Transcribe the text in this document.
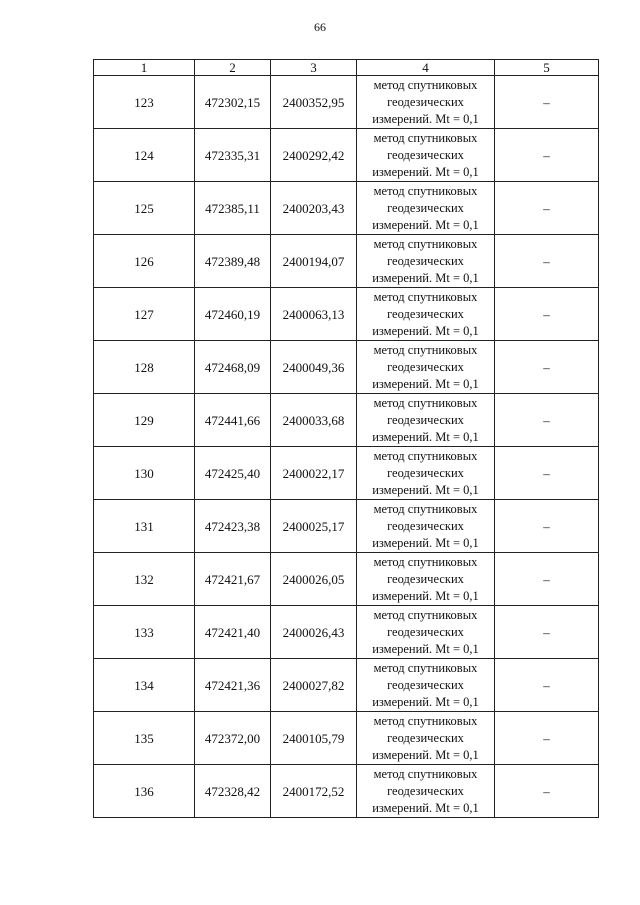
66
1	2	3	4	5
123	472302,15	2400352,95	метод спутниковых
геодезических
измерений. Mt = 0,1	–
124	472335,31	2400292,42	метод спутниковых
геодезических
измерений. Mt = 0,1	–
125	472385,11	2400203,43	метод спутниковых
геодезических
измерений. Mt = 0,1	–
126	472389,48	2400194,07	метод спутниковых
геодезических
измерений. Mt = 0,1	–
127	472460,19	2400063,13	метод спутниковых
геодезических
измерений. Mt = 0,1	–
128	472468,09	2400049,36	метод спутниковых
геодезических
измерений. Mt = 0,1	–
129	472441,66	2400033,68	метод спутниковых
геодезических
измерений. Mt = 0,1	–
130	472425,40	2400022,17	метод спутниковых
геодезических
измерений. Mt = 0,1	–
131	472423,38	2400025,17	метод спутниковых
геодезических
измерений. Mt = 0,1	–
132	472421,67	2400026,05	метод спутниковых
геодезических
измерений. Mt = 0,1	–
133	472421,40	2400026,43	метод спутниковых
геодезических
измерений. Mt = 0,1	–
134	472421,36	2400027,82	метод спутниковых
геодезических
измерений. Mt = 0,1	–
135	472372,00	2400105,79	метод спутниковых
геодезических
измерений. Mt = 0,1	–
136	472328,42	2400172,52	метод спутниковых
геодезических
измерений. Mt = 0,1	–
